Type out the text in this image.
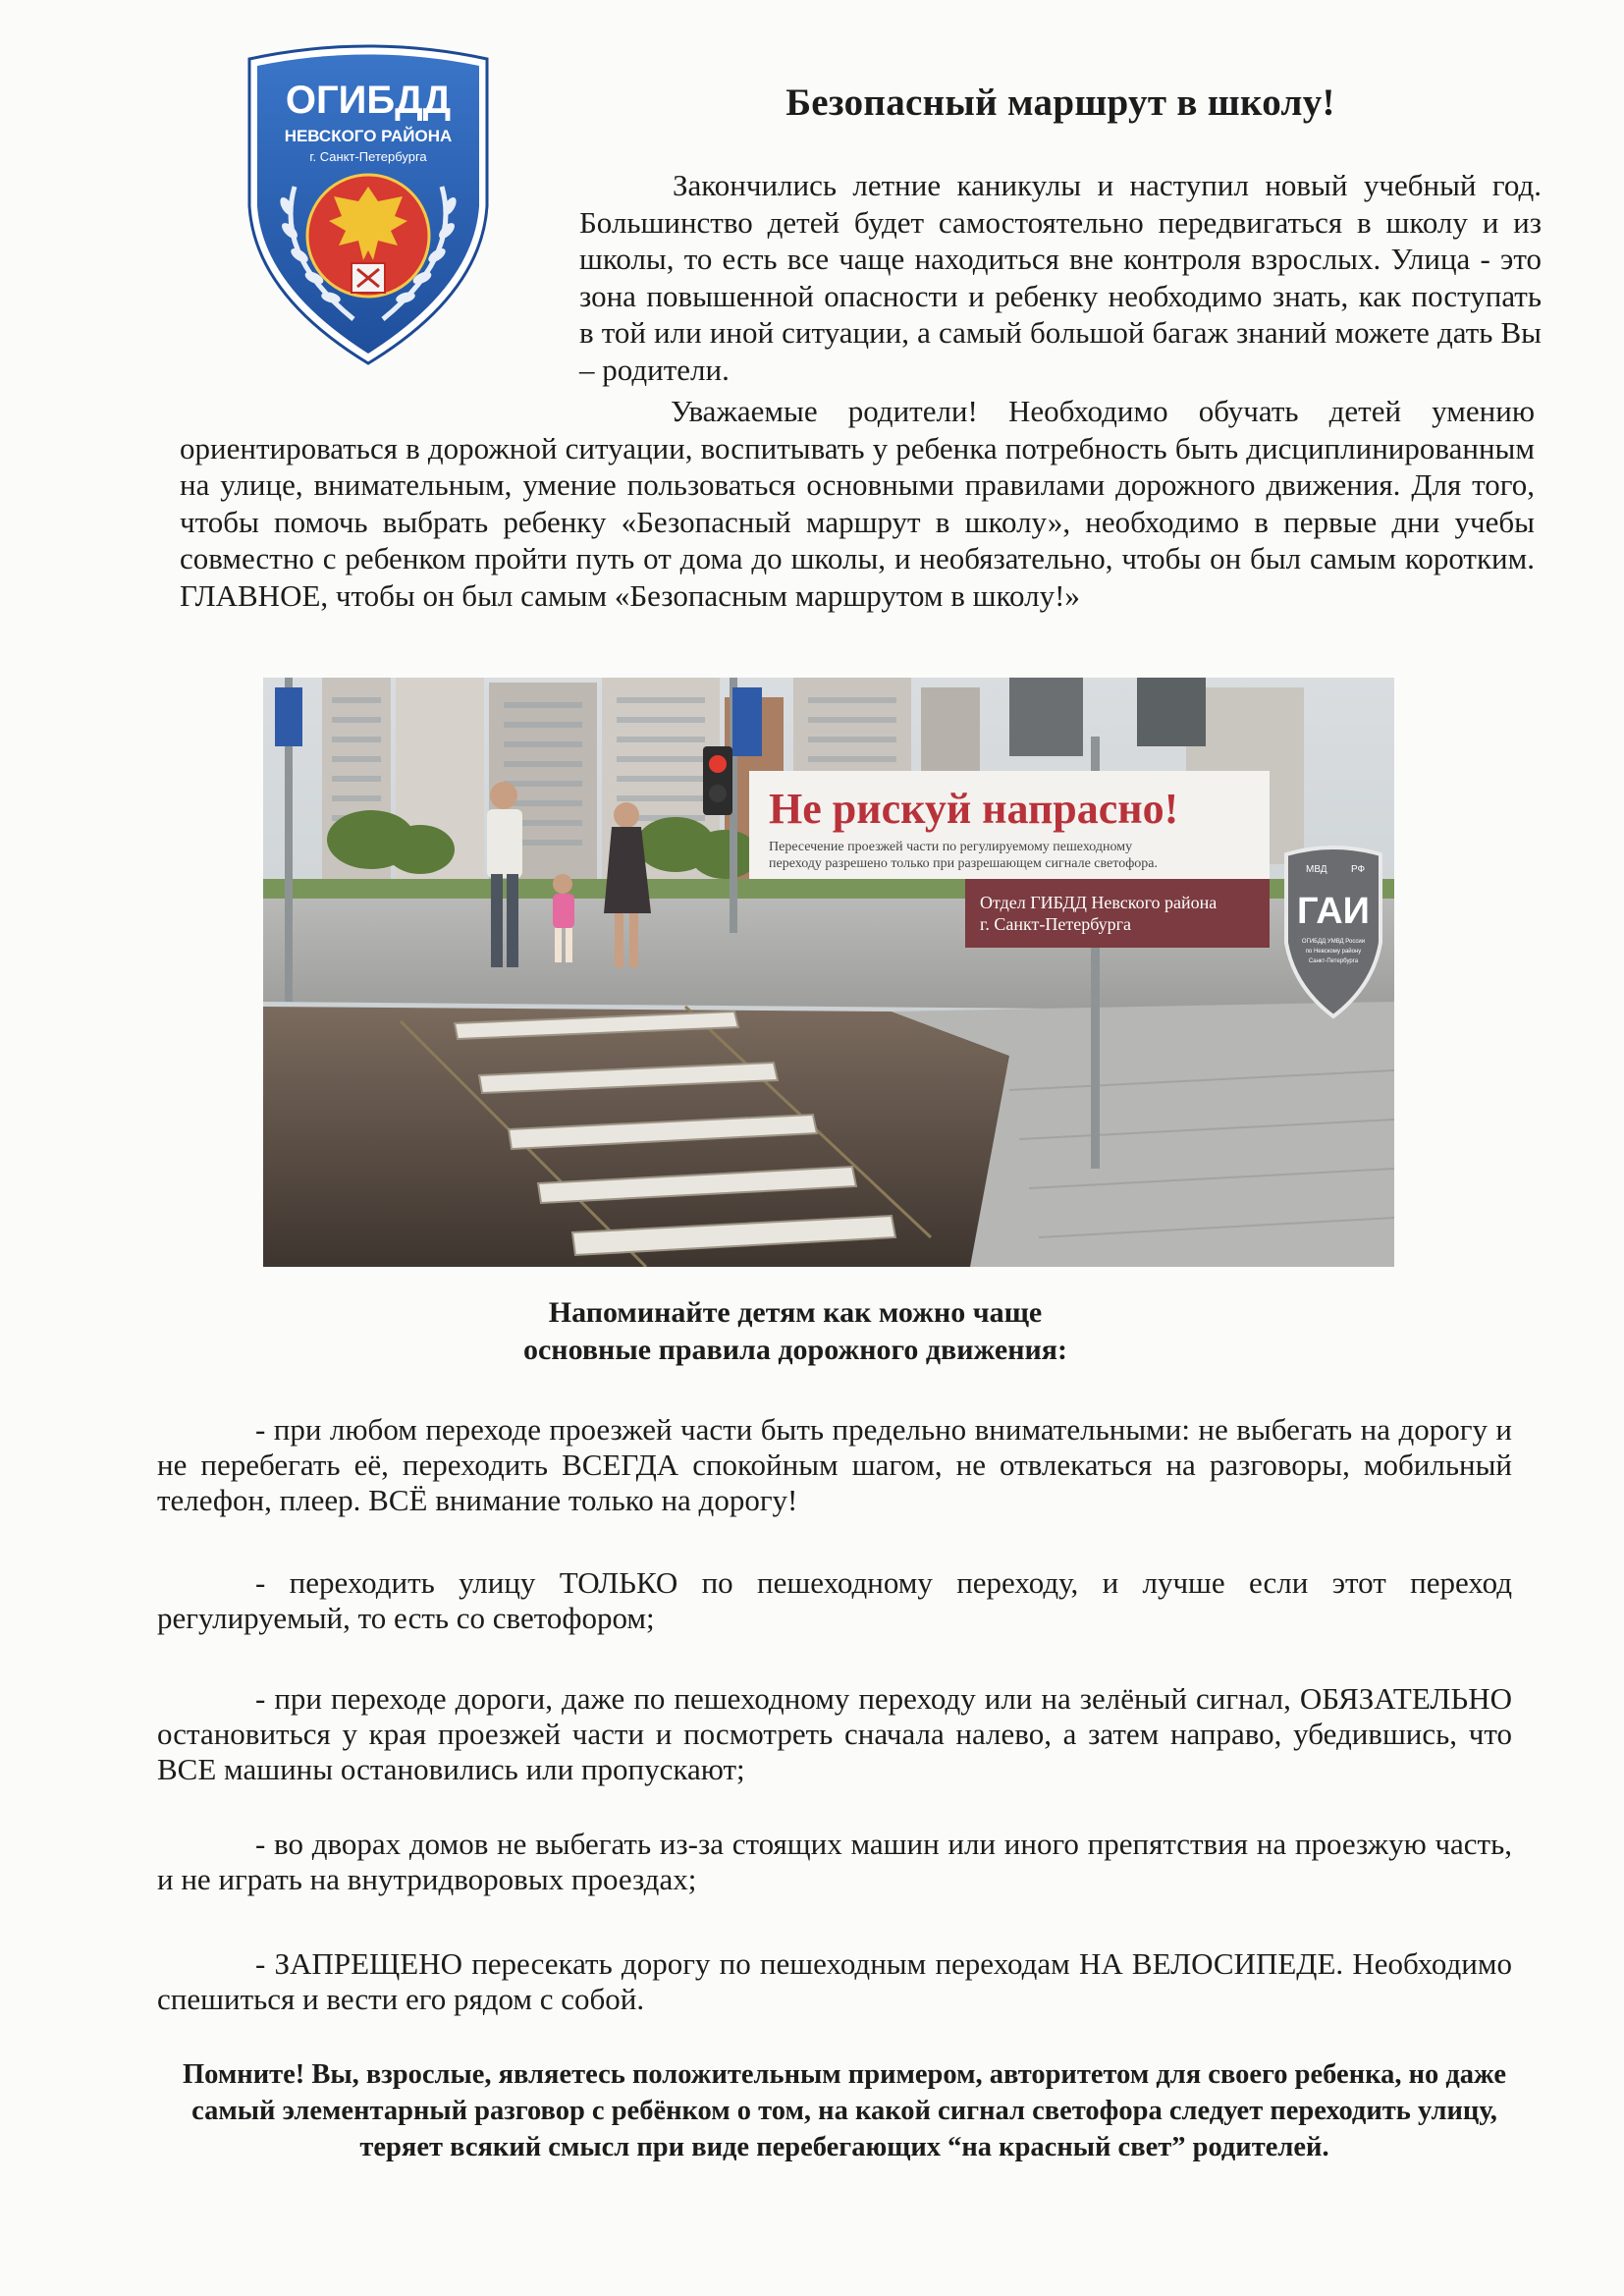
ОГИБДД
НЕВСКОГО РАЙОНА
г. Санкт-Петербурга
Безопасный маршрут в школу!

Закончились летние каникулы и наступил новый учебный год. Большинство детей будет самостоятельно передвигаться в школу и из школы, то есть все чаще находиться вне контроля взрослых. Улица - это зона повышенной опасности и ребенку необходимо знать, как поступать в той или иной ситуации, а самый большой багаж знаний можете дать Вы – родители.

Уважаемые родители! Необходимо обучать детей умению ориентироваться в дорожной ситуации, воспитывать у ребенка потребность быть дисциплинированным на улице, внимательным, умение пользоваться основными правилами дорожного движения. Для того, чтобы помочь выбрать ребенку «Безопасный маршрут в школу», необходимо в первые дни учебы совместно с ребенком пройти путь от дома до школы, и необязательно, чтобы он был самым коротким. ГЛАВНОЕ, чтобы он был самым «Безопасным маршрутом в школу!»

Не рискуй напрасно!
Пересечение проезжей части по регулируемому пешеходному
переходу разрешено только при разрешающем сигнале светофора.
Отдел ГИБДД Невского района
г. Санкт-Петербурга
МВД РФ
ГАИ
ОГИБДД УМВД России
по Невскому району
Санкт-Петербурга
Напоминайте детям как можно чаще
основные правила дорожного движения:

- при любом переходе проезжей части быть предельно внимательными: не выбегать на дорогу и не перебегать её, переходить ВСЕГДА спокойным шагом, не отвлекаться на разговоры, мобильный телефон, плеер. ВСЁ внимание только на дорогу!

- переходить улицу ТОЛЬКО по пешеходному переходу, и лучше если этот переход регулируемый, то есть со светофором;

- при переходе дороги, даже по пешеходному переходу или на зелёный сигнал, ОБЯЗАТЕЛЬНО остановиться у края проезжей части и посмотреть сначала налево, а затем направо, убедившись, что ВСЕ машины остановились или пропускают;

- во дворах домов не выбегать из-за стоящих машин или иного препятствия на проезжую часть, и не играть на внутридворовых проездах;

- ЗАПРЕЩЕНО пересекать дорогу по пешеходным переходам НА ВЕЛОСИПЕДЕ. Необходимо спешиться и вести его рядом с собой.

Помните! Вы, взрослые, являетесь положительным примером, авторитетом для своего ребенка, но даже самый элементарный разговор с ребёнком о том, на какой сигнал светофора следует переходить улицу, теряет всякий смысл при виде перебегающих “на красный свет” родителей.
